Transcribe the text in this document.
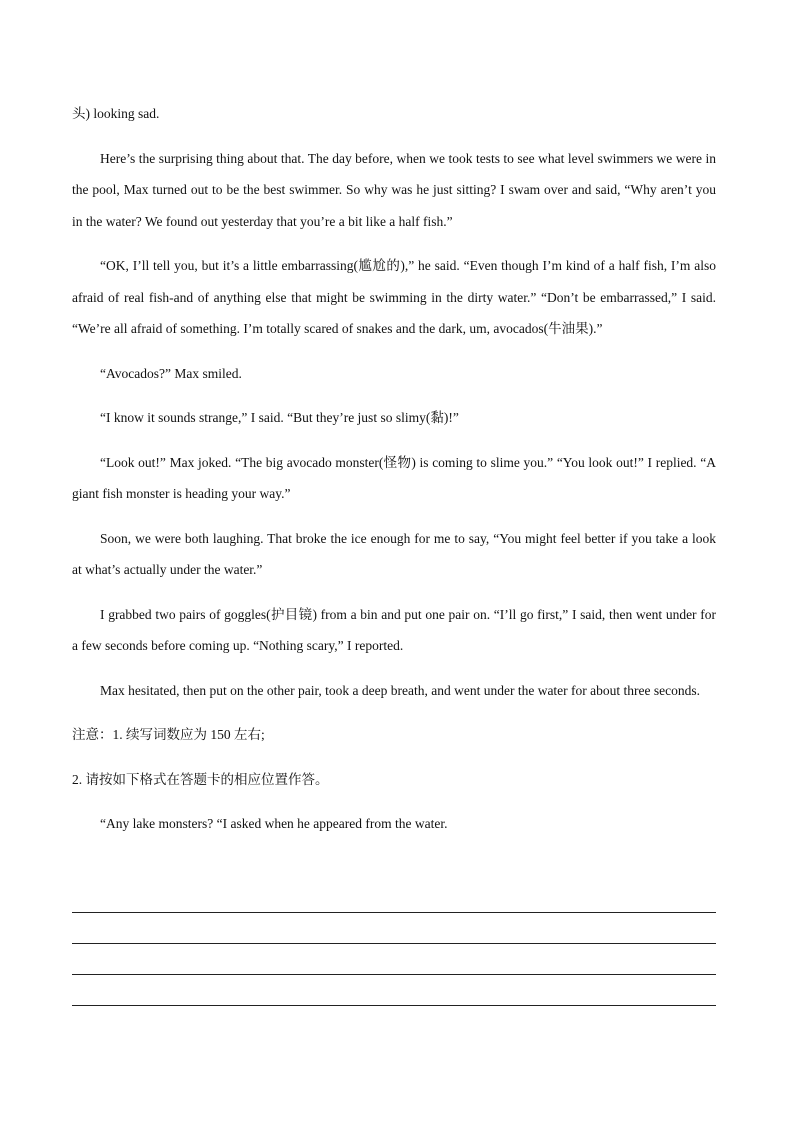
头) looking sad.

Here’s the surprising thing about that. The day before, when we took tests to see what level swimmers we were in the pool, Max turned out to be the best swimmer. So why was he just sitting? I swam over and said, “Why aren’t you in the water? We found out yesterday that you’re a bit like a half fish.”

“OK, I’ll tell you, but it’s a little embarrassing(尴尬的),” he said. “Even though I’m kind of a half fish, I’m also afraid of real fish-and of anything else that might be swimming in the dirty water.” “Don’t be embarrassed,” I said. “We’re all afraid of something. I’m totally scared of snakes and the dark, um, avocados(牛油果).”

“Avocados?” Max smiled.

“I know it sounds strange,” I said. “But they’re just so slimy(黏)!”

“Look out!” Max joked. “The big avocado monster(怪物) is coming to slime you.” “You look out!” I replied. “A giant fish monster is heading your way.”

Soon, we were both laughing. That broke the ice enough for me to say, “You might feel better if you take a look at what’s actually under the water.”

I grabbed two pairs of goggles(护目镜) from a bin and put one pair on. “I’ll go first,” I said, then went under for a few seconds before coming up. “Nothing scary,” I reported.

Max hesitated, then put on the other pair, took a deep breath, and went under the water for about three seconds.

注意：1. 续写词数应为 150 左右;

2. 请按如下格式在答题卡的相应位置作答。

“Any lake monsters? “I asked when he appeared from the water.
